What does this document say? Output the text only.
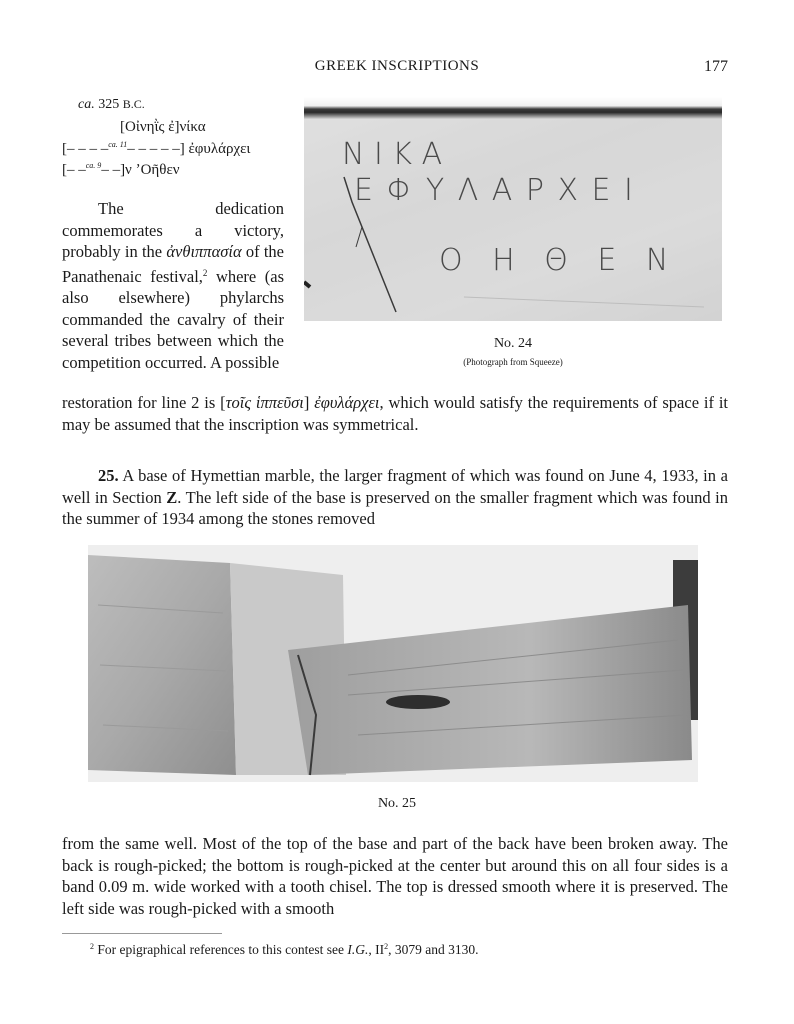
GREEK INSCRIPTIONS	177
ca. 325 B.C.
[Οἰνηῒς ἐ]νίκα
[– – – –$^{ca. 11}$– – – – –] ἐφυλάρχει
[– –$^{ca. 9}$– –]ν ʼΟῆθεν

The dedication commemorates a victory, probably in the ἀνθιππασία of the Panathenaic festival,$^2$ where (as also elsewhere) phylarchs commanded the cavalry of their several tribes between which the competition occurred. A possible

Ν Ι Κ Α
Ε Φ Υ Λ Α Ρ Χ Ε Ι
Ο Η Θ Ε Ν
No. 24
(Photograph from Squeeze)
restoration for line 2 is [τοῖς ἱππεῦσι] ἐφυλάρχει, which would satisfy the requirements of space if it may be assumed that the inscription was symmetrical.
25. A base of Hymettian marble, the larger fragment of which was found on June 4, 1933, in a well in Section Z. The left side of the base is preserved on the smaller fragment which was found in the summer of 1934 among the stones removed
No. 25
from the same well. Most of the top of the base and part of the back have been broken away. The back is rough-picked; the bottom is rough-picked at the center but around this on all four sides is a band 0.09 m. wide worked with a tooth chisel. The top is dressed smooth where it is preserved. The left side was rough-picked with a smooth
$^2$ For epigraphical references to this contest see I.G., $II^2$, 3079 and 3130.
